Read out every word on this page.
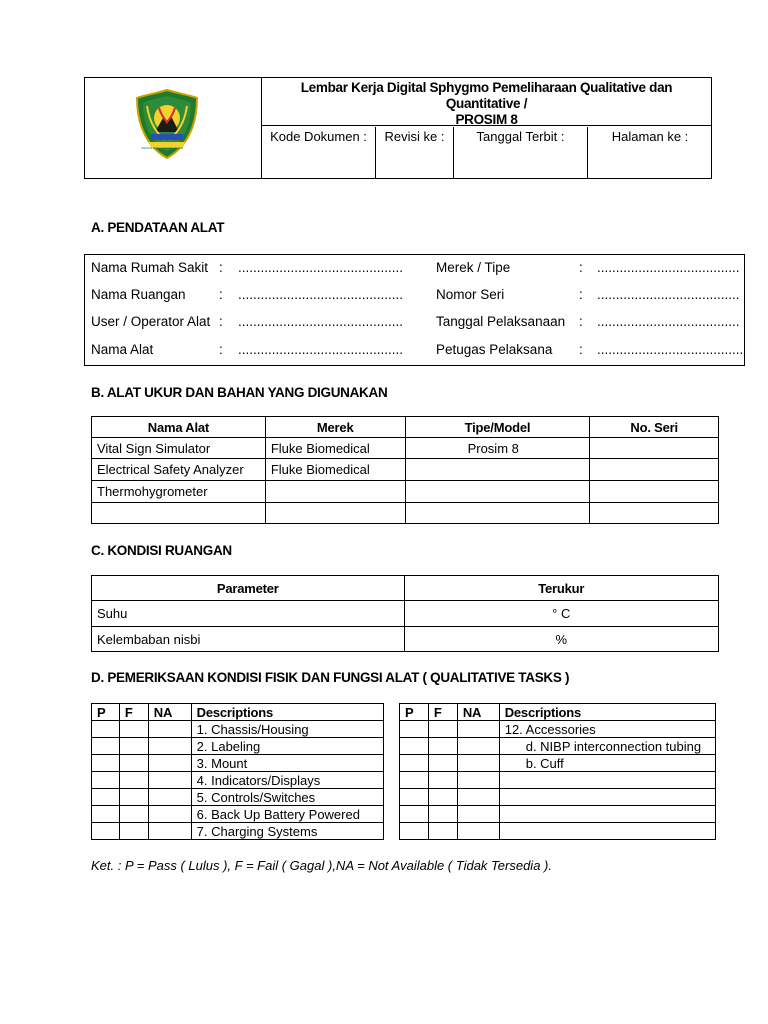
GEMAH RIPAH REPEH RAPIH
Lembar Kerja Digital Sphygmo Pemeliharaan Qualitative dan Quantitative /
PROSIM 8
Kode Dokumen :	Revisi ke :	Tanggal Terbit :	Halaman ke :
A. PENDATAAN ALAT
Nama Rumah Sakit : ............................................
Nama Ruangan : ............................................
User / Operator Alat : ............................................
Nama Alat	: ............................................
Merek / Tipe	: ......................................
Nomor Seri	: ......................................
Tanggal Pelaksanaan : ......................................
Petugas Pelaksana : .......................................
B. ALAT UKUR DAN BAHAN YANG DIGUNAKAN
Nama Alat	Merek	Tipe/Model	No. Seri
Vital Sign Simulator	Fluke Biomedical	Prosim 8	
Electrical Safety Analyzer	Fluke Biomedical		
Thermohygrometer			

C. KONDISI RUANGAN
Parameter	Terukur
Suhu	° C
Kelembaban nisbi	%
D. PEMERIKSAAN KONDISI FISIK DAN FUNGSI ALAT ( QUALITATIVE TASKS )
P	F	NA	Descriptions
			1. Chassis/Housing
			2. Labeling
			3. Mount
			4. Indicators/Displays
			5. Controls/Switches
			6. Back Up Battery Powered
			7. Charging Systems
P	F	NA	Descriptions
			12. Accessories
			d. NIBP interconnection tubing
			b. Cuff

Ket. : P = Pass ( Lulus ), F = Fail ( Gagal ),NA = Not Available ( Tidak Tersedia ).
